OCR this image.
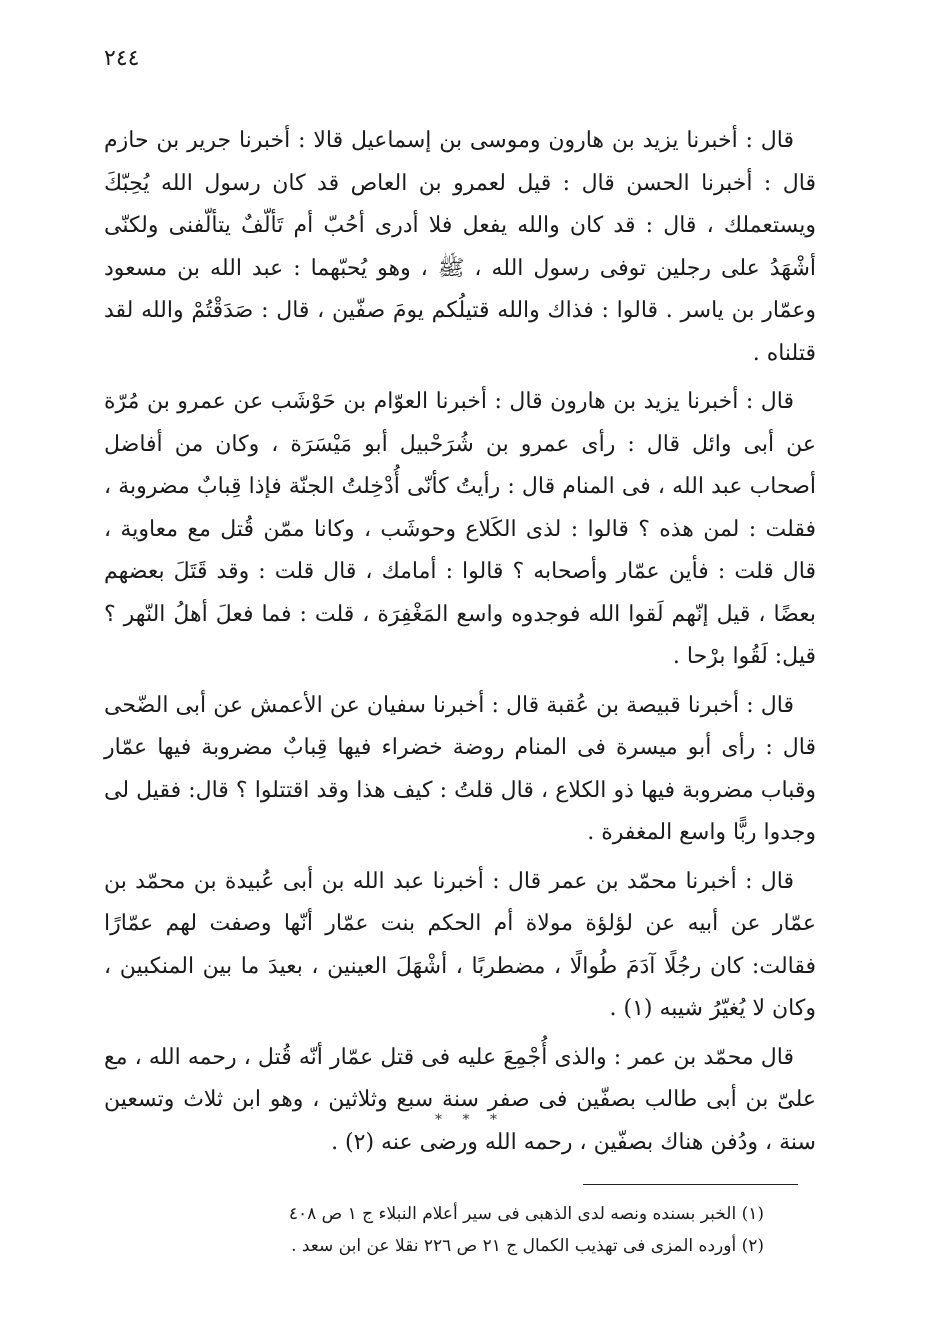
٢٤٤

قال : أخبرنا يزيد بن هارون وموسى بن إسماعيل قالا : أخبرنا جرير بن حازم قال : أخبرنا الحسن قال : قيل لعمرو بن العاص قد كان رسول الله يُحِبّكَ ويستعملك ، قال : قد كان والله يفعل فلا أدرى أحُبّ أم تَألّفٌ يتألّفنى ولكنّى أشْهَدُ على رجلين توفى رسول الله ، ﷺ ، وهو يُحبّهما : عبد الله بن مسعود وعمّار بن ياسر . قالوا : فذاك والله قتيلُكم يومَ صفّين ، قال : صَدَقْتُمْ والله لقد قتلناه .

قال : أخبرنا يزيد بن هارون قال : أخبرنا العوّام بن حَوْشَب عن عمرو بن مُرّة عن أبى وائل قال : رأى عمرو بن شُرَحْبيل أبو مَيْسَرَة ، وكان من أفاضل أصحاب عبد الله ، فى المنام قال : رأيتُ كأنّى أُدْخِلتُ الجنّة فإذا قِبابٌ مضروبة ، فقلت : لمن هذه ؟ قالوا : لذى الكَلاع وحوشَب ، وكانا ممّن قُتل مع معاوية ، قال قلت : فأين عمّار وأصحابه ؟ قالوا : أمامك ، قال قلت : وقد قَتَلَ بعضهم بعضًا ، قيل إنّهم لَقوا الله فوجدوه واسع المَغْفِرَة ، قلت : فما فعلَ أهلُ النّهر ؟ قيل: لَقُوا برْحا .

قال : أخبرنا قبيصة بن عُقبة قال : أخبرنا سفيان عن الأعمش عن أبى الضّحى قال : رأى أبو ميسرة فى المنام روضة خضراء فيها قِبابٌ مضروبة فيها عمّار وقباب مضروبة فيها ذو الكلاع ، قال قلتُ : كيف هذا وقد اقتتلوا ؟ قال: فقيل لى وجدوا ربًّا واسع المغفرة .

قال : أخبرنا محمّد بن عمر قال : أخبرنا عبد الله بن أبى عُبيدة بن محمّد بن عمّار عن أبيه عن لؤلؤة مولاة أم الحكم بنت عمّار أنّها وصفت لهم عمّارًا فقالت: كان رجُلًا آدَمَ طُوالًا ، مضطربًا ، أشْهَلَ العينين ، بعيدَ ما بين المنكبين ، وكان لا يُغيّرُ شيبه (١) .

قال محمّد بن عمر : والذى أُجْمِعَ عليه فى قتل عمّار أنّه قُتل ، رحمه الله ، مع علىّ بن أبى طالب بصفّين فى صفر سنة سبع وثلاثين ، وهو ابن ثلاث وتسعين سنة ، ودُفن هناك بصفّين ، رحمه الله ورضى عنه (٢) .

* * *

(١) الخبر بسنده ونصه لدى الذهبى فى سير أعلام النبلاء ج ١ ص ٤٠٨

(٢) أورده المزى فى تهذيب الكمال ج ٢١ ص ٢٢٦ نقلا عن ابن سعد .
